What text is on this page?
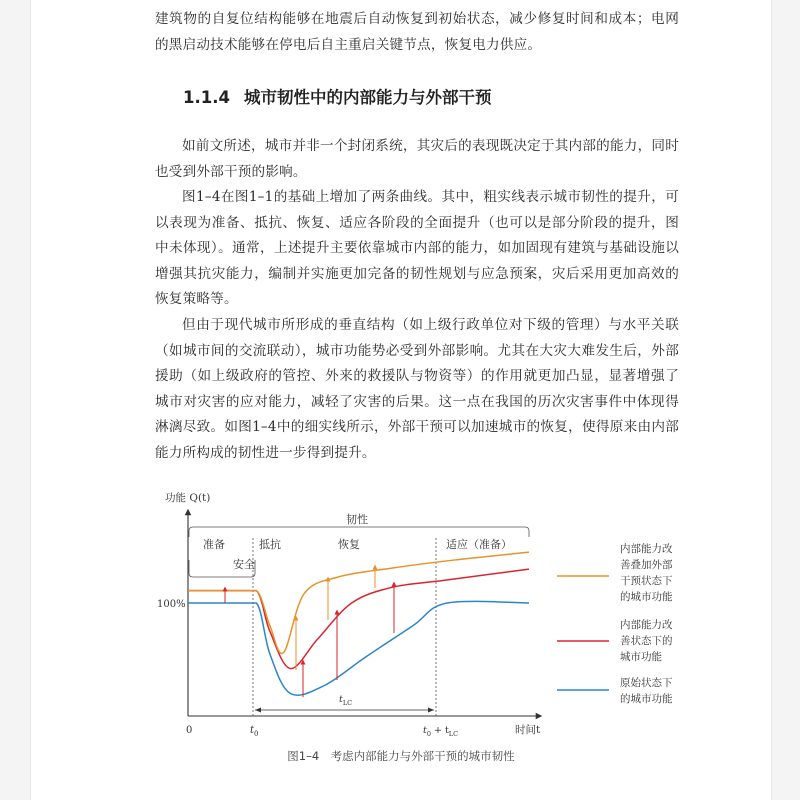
建筑物的自复位结构能够在地震后自动恢复到初始状态，减少修复时间和成本；电网的黑启动技术能够在停电后自主重启关键节点，恢复电力供应。

1.1.4 城市韧性中的内部能力与外部干预

如前文所述，城市并非一个封闭系统，其灾后的表现既决定于其内部的能力，同时也受到外部干预的影响。

图1–4在图1–1的基础上增加了两条曲线。其中，粗实线表示城市韧性的提升，可以表现为准备、抵抗、恢复、适应各阶段的全面提升（也可以是部分阶段的提升，图中未体现）。通常，上述提升主要依靠城市内部的能力，如加固现有建筑与基础设施以增强其抗灾能力，编制并实施更加完备的韧性规划与应急预案，灾后采用更加高效的恢复策略等。

但由于现代城市所形成的垂直结构（如上级行政单位对下级的管理）与水平关联（如城市间的交流联动），城市功能势必受到外部影响。尤其在大灾大难发生后，外部援助（如上级政府的管控、外来的救援队与物资等）的作用就更加凸显，显著增强了城市对灾害的应对能力，减轻了灾害的后果。这一点在我国的历次灾害事件中体现得淋漓尽致。如图1–4中的细实线所示，外部干预可以加速城市的恢复，使得原来由内部能力所构成的韧性进一步得到提升。

功能 Q(t)
时间t
0
100%
$t_0$	$t_0 + t_{LC}$
$t_{LC}$
韧性
安全
准备	抵抗	恢复	适应（准备）	内部能力改 善叠加外部 干预状态下 的城市功能
内部能力改 善状态下的 城市功能
原始状态下 的城市功能
图1–4　考虑内部能力与外部干预的城市韧性
